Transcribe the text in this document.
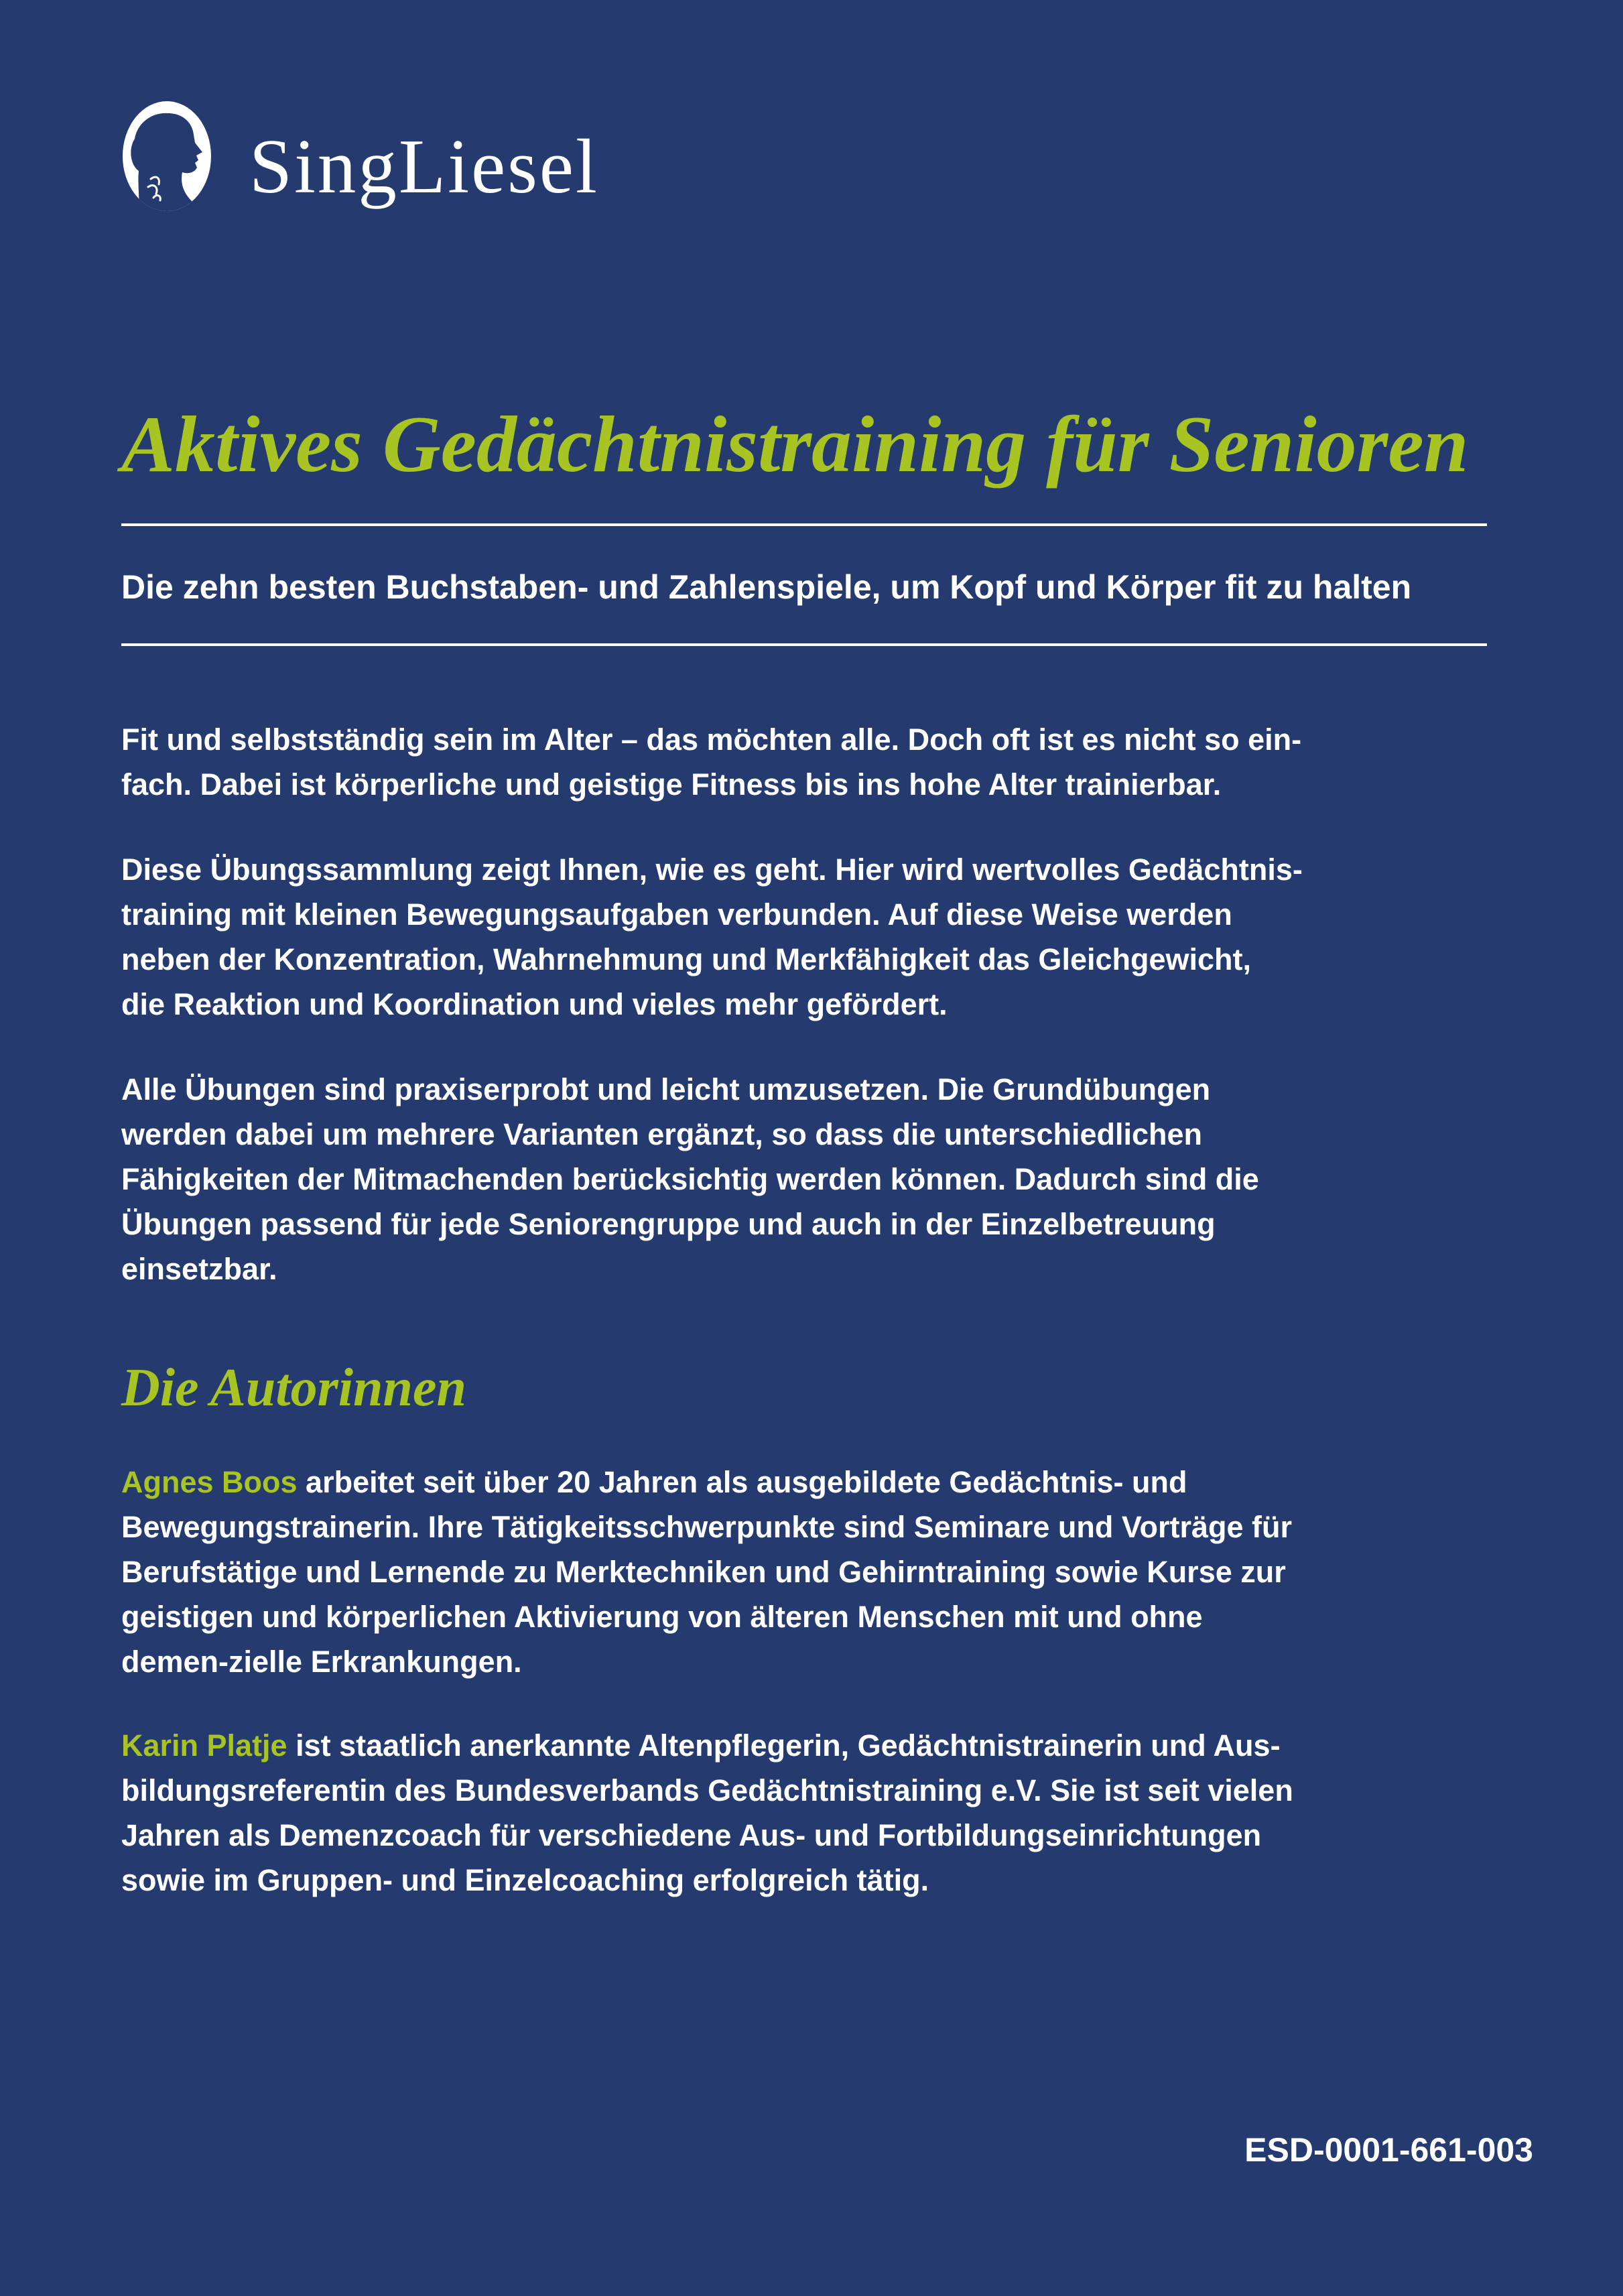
SingLiesel
Aktives Gedächtnistraining für Senioren
Die zehn besten Buchstaben- und Zahlenspiele, um Kopf und Körper fit zu halten
Fit und selbstständig sein im Alter – das möchten alle. Doch oft ist es nicht so ein-
fach. Dabei ist körperliche und geistige Fitness bis ins hohe Alter trainierbar.
Diese Übungssammlung zeigt Ihnen, wie es geht. Hier wird wertvolles Gedächtnis-
training mit kleinen Bewegungsaufgaben verbunden. Auf diese Weise werden
neben der Konzentration, Wahrnehmung und Merkfähigkeit das Gleichgewicht,
die Reaktion und Koordination und vieles mehr gefördert.
Alle Übungen sind praxiserprobt und leicht umzusetzen. Die Grundübungen
werden dabei um mehrere Varianten ergänzt, so dass die unterschiedlichen
Fähigkeiten der Mitmachenden berücksichtig werden können. Dadurch sind die
Übungen passend für jede Seniorengruppe und auch in der Einzelbetreuung
einsetzbar.
Die Autorinnen
Agnes Boos arbeitet seit über 20 Jahren als ausgebildete Gedächtnis- und
Bewegungstrainerin. Ihre Tätigkeitsschwerpunkte sind Seminare und Vorträge für
Berufstätige und Lernende zu Merktechniken und Gehirntraining sowie Kurse zur
geistigen und körperlichen Aktivierung von älteren Menschen mit und ohne
demen-zielle Erkrankungen.
Karin Platje ist staatlich anerkannte Altenpflegerin, Gedächtnistrainerin und Aus-
bildungsreferentin des Bundesverbands Gedächtnistraining e.V. Sie ist seit vielen
Jahren als Demenzcoach für verschiedene Aus- und Fortbildungseinrichtungen
sowie im Gruppen- und Einzelcoaching erfolgreich tätig.
ESD-0001-661-003
